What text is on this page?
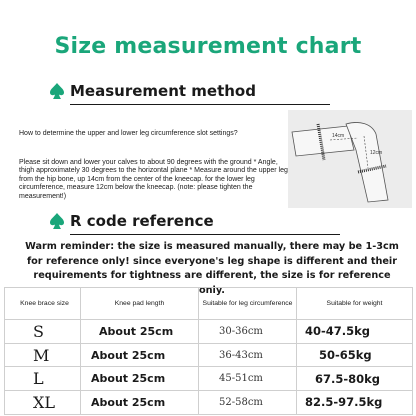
Size measurement chart
Measurement method
How to determine the upper and lower leg circumference slot settings?
Please sit down and lower your calves to about 90 degrees with the ground * Angle, thigh approximately 30 degrees to the horizontal plane * Measure around the upper leg from the hip bone, up 14cm from the center of the kneecap. for the lower leg circumference, measure 12cm below the kneecap. (note: please tighten the measurement!)
14cm
12cm
R code reference
Warm reminder: the size is measured manually, there may be 1-3cm for reference only! since everyone's leg shape is different and their requirements for tightness are different, the size is for reference only.
Knee brace size	Knee pad length	Suitable for leg circumference	Suitable for weight
S	About 25cm	30-36cm	40-47.5kg
M	About 25cm	36-43cm	50-65kg
L	About 25cm	45-51cm	67.5-80kg
XL	About 25cm	52-58cm	82.5-97.5kg
